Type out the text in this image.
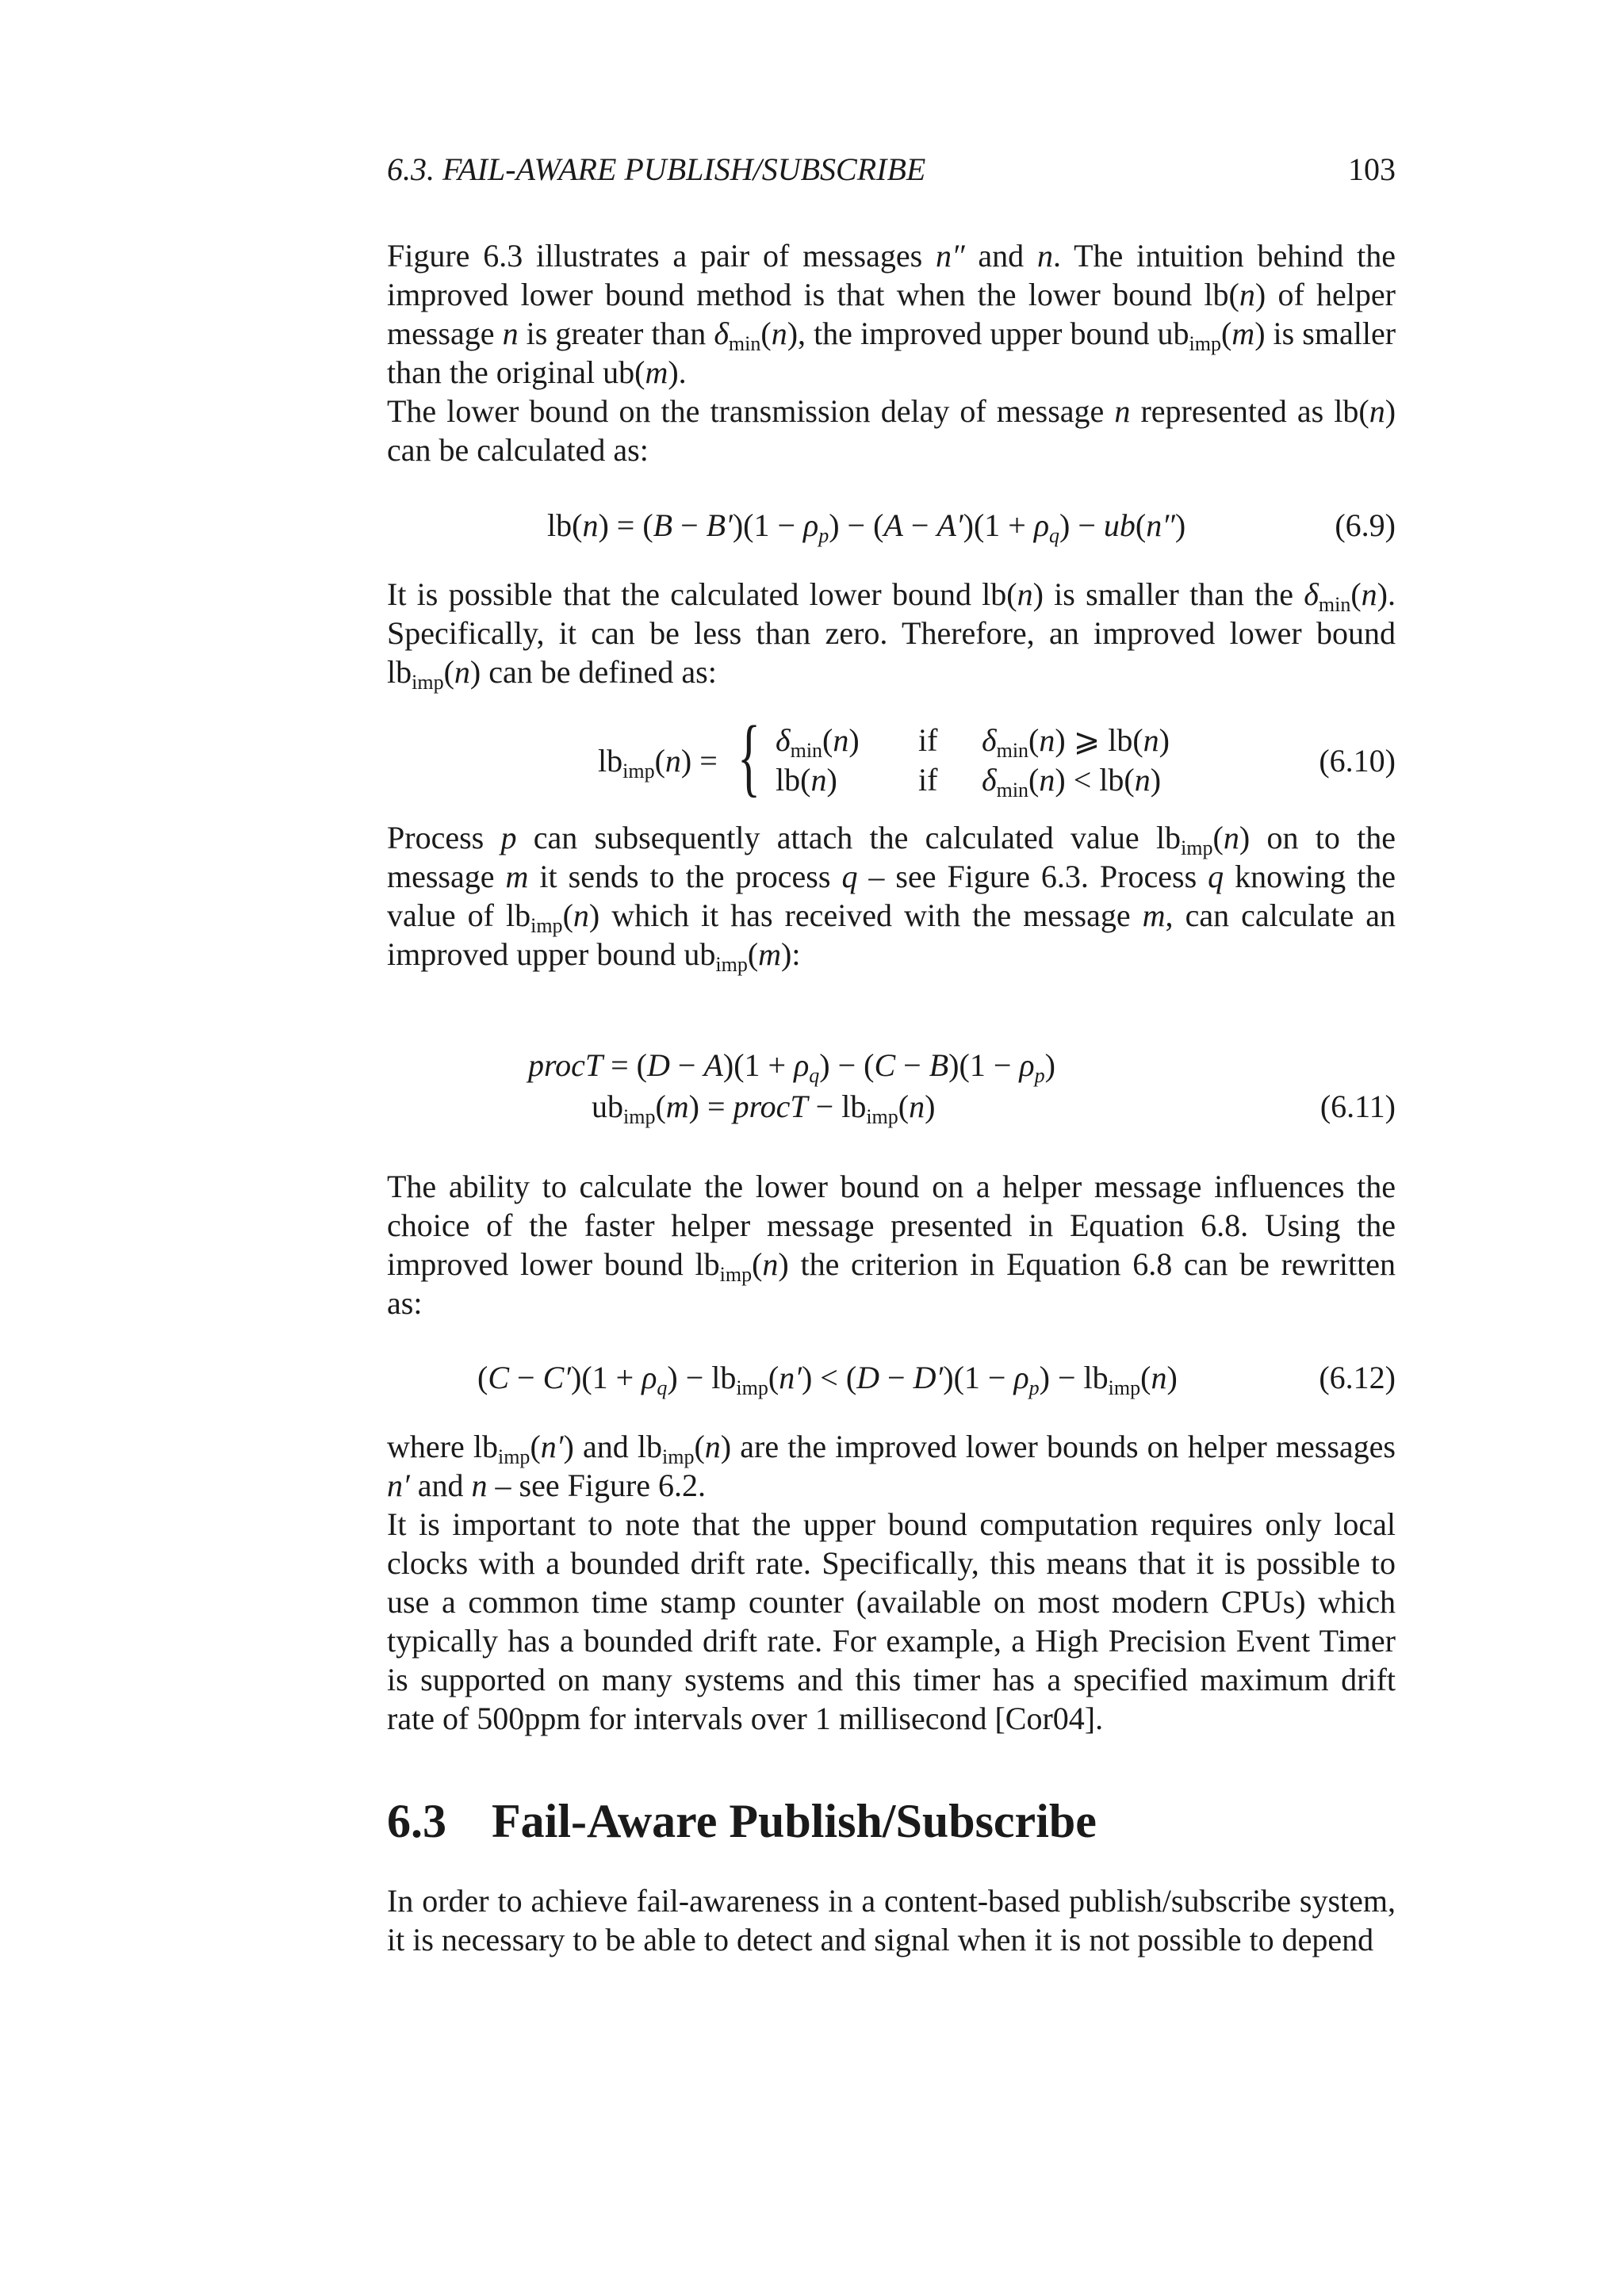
6.3. FAIL-AWARE PUBLISH/SUBSCRIBE	103

Figure 6.3 illustrates a pair of messages n″ and n. The intuition behind the improved lower bound method is that when the lower bound lb(n) of helper message n is greater than $\delta_{min}(n)$, the improved upper bound $ub_{imp}(m)$ is smaller than the original ub(m).

The lower bound on the transmission delay of message n represented as lb(n) can be calculated as:

$lb(n) = (B - B')(1 - \rho_p) - (A - A')(1 + \rho_q) - ub(n'')$	(6.9)

It is possible that the calculated lower bound lb(n) is smaller than the $\delta_{min}(n)$. Specifically, it can be less than zero. Therefore, an improved lower bound $lb_{imp}(n)$ can be defined as:

$lb_{imp}(n)$ = { $\delta_{min}(n)$ if $\delta_{min}(n)$ ⩾ lb(n)
lb(n)	if $\delta_{min}(n) < lb(n)$
(6.10)

Process p can subsequently attach the calculated value $lb_{imp}(n)$ on to the message m it sends to the process q – see Figure 6.3. Process q knowing the value of $lb_{imp}(n)$ which it has received with the message m, can calculate an improved upper bound $ub_{imp}(m)$:

procT = $(D - A)(1 + \rho_q) - (C - B)(1 - \rho_p)$
$ub_{imp}(m)$ = procT − $lb_{imp}(n)$	(6.11)

The ability to calculate the lower bound on a helper message influences the choice of the faster helper message presented in Equation 6.8. Using the improved lower bound $lb_{imp}(n)$ the criterion in Equation 6.8 can be rewritten as:

$(C - C')(1 + \rho_q) - lb_{imp}(n') < (D - D')(1 - \rho_p) - lb_{imp}(n)$	(6.12)

where $lb_{imp}(n')$ and $lb_{imp}(n)$ are the improved lower bounds on helper messages n′ and n – see Figure 6.2.

It is important to note that the upper bound computation requires only local clocks with a bounded drift rate. Specifically, this means that it is possible to use a common time stamp counter (available on most modern CPUs) which typically has a bounded drift rate. For example, a High Precision Event Timer is supported on many systems and this timer has a specified maximum drift rate of 500ppm for intervals over 1 millisecond [Cor04].

6.3 Fail-Aware Publish/Subscribe

In order to achieve fail-awareness in a content-based publish/subscribe system, it is necessary to be able to detect and signal when it is not possible to depend
